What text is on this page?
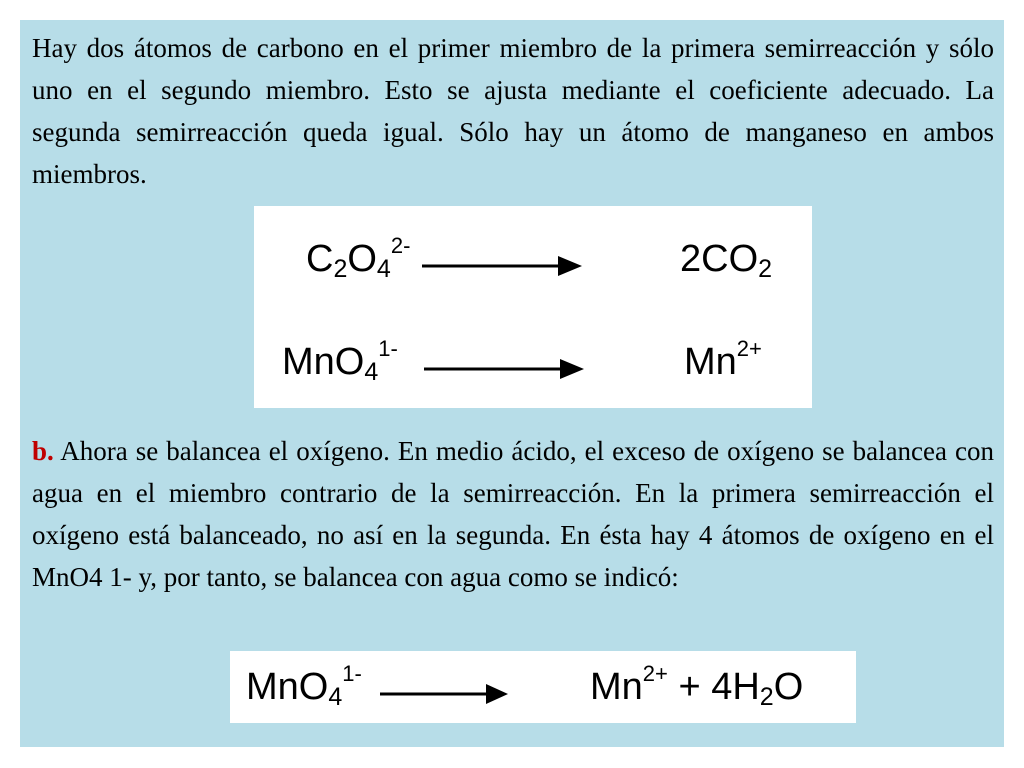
Hay dos átomos de carbono en el primer miembro de la primera semirreacción y sólo uno en el segundo miembro. Esto se ajusta mediante el coeficiente adecuado. La segunda semirreacción queda igual. Sólo hay un átomo de manganeso en ambos miembros.

$C_2O_4^{2-}$	$2CO_2$
MnO$_4^{1-}$	$Mn^{2+}$

b. Ahora se balancea el oxígeno. En medio ácido, el exceso de oxígeno se balancea con agua en el miembro contrario de la semirreacción. En la primera semirreacción el oxígeno está balanceado, no así en la segunda. En ésta hay 4 átomos de oxígeno en el MnO4 1- y, por tanto, se balancea con agua como se indicó:

MnO$_4^{1-}$	$Mn^{2+} + 4H_2O$
